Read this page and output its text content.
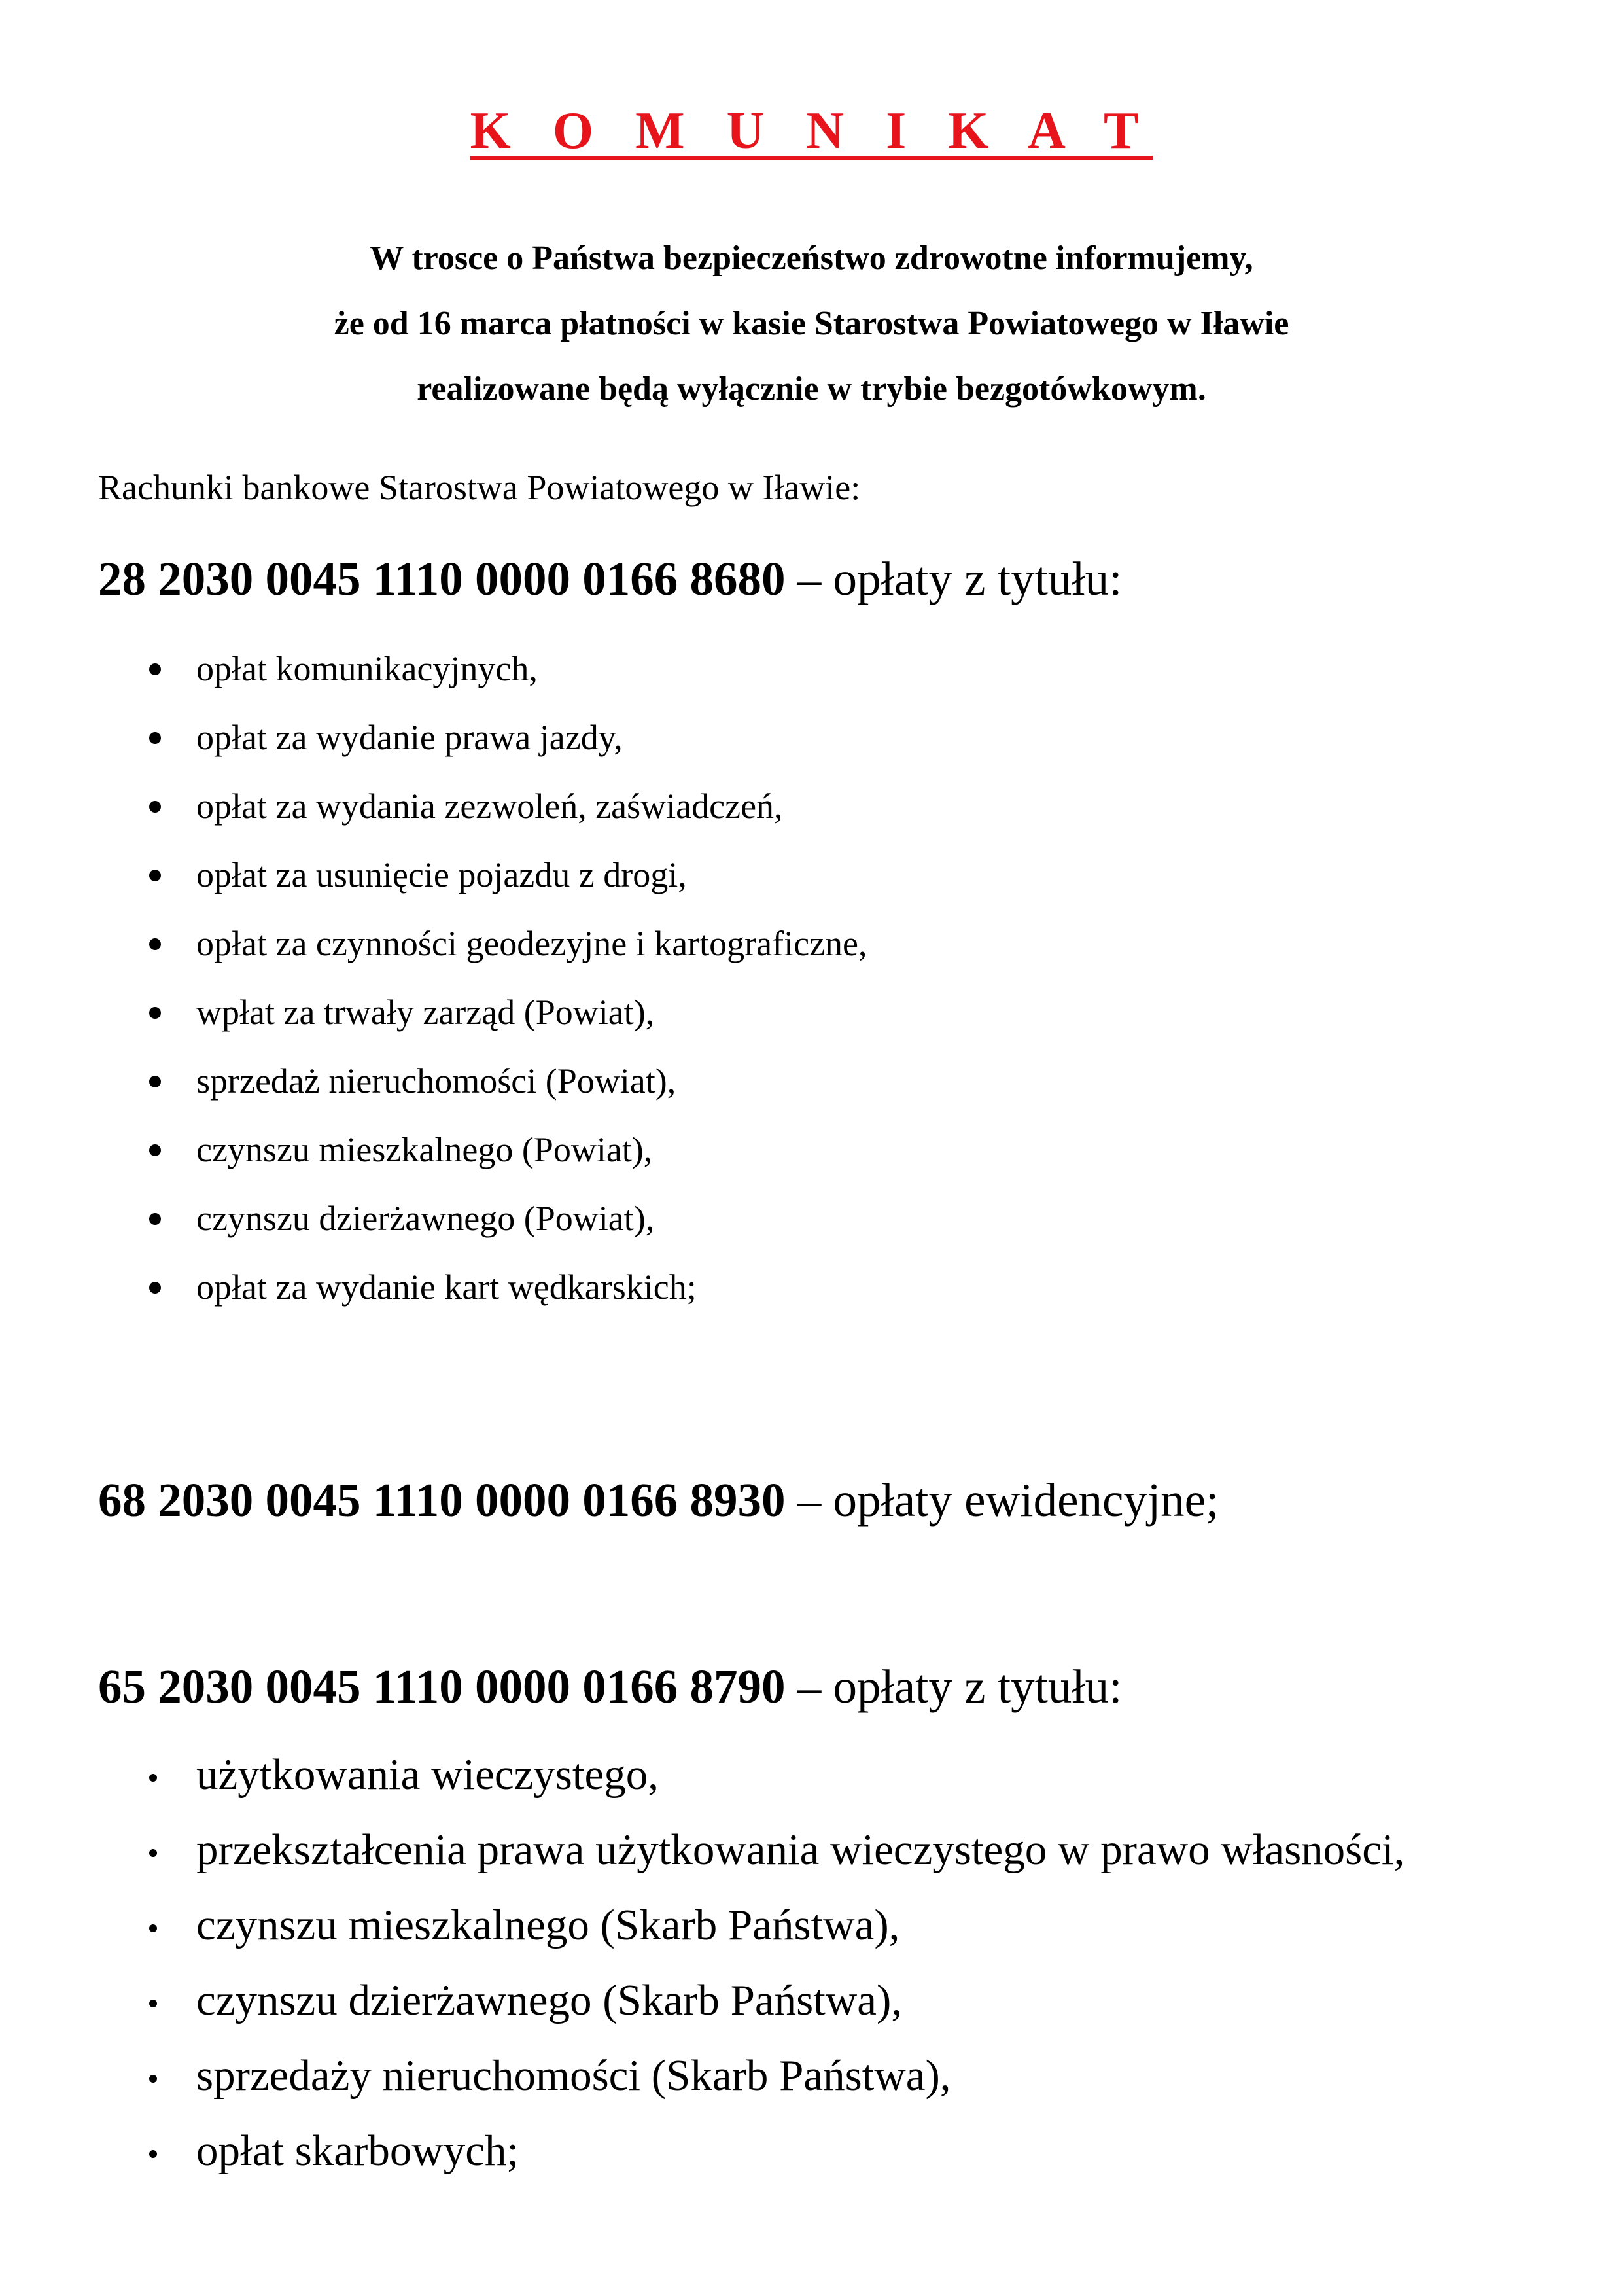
K O M U N I K A T
W trosce o Państwa bezpieczeństwo zdrowotne informujemy,
że od 16 marca płatności w kasie Starostwa Powiatowego w Iławie
realizowane będą wyłącznie w trybie bezgotówkowym.
Rachunki bankowe Starostwa Powiatowego w Iławie:
28 2030 0045 1110 0000 0166 8680 – opłaty z tytułu:
opłat komunikacyjnych,
opłat za wydanie prawa jazdy,
opłat za wydania zezwoleń, zaświadczeń,
opłat za usunięcie pojazdu z drogi,
opłat za czynności geodezyjne i kartograficzne,
wpłat za trwały zarząd (Powiat),
sprzedaż nieruchomości (Powiat),
czynszu mieszkalnego (Powiat),
czynszu dzierżawnego (Powiat),
opłat za wydanie kart wędkarskich;
68 2030 0045 1110 0000 0166 8930 – opłaty ewidencyjne;
65 2030 0045 1110 0000 0166 8790 – opłaty z tytułu:
użytkowania wieczystego,
przekształcenia prawa użytkowania wieczystego w prawo własności,
czynszu mieszkalnego (Skarb Państwa),
czynszu dzierżawnego (Skarb Państwa),
sprzedaży nieruchomości (Skarb Państwa),
opłat skarbowych;
